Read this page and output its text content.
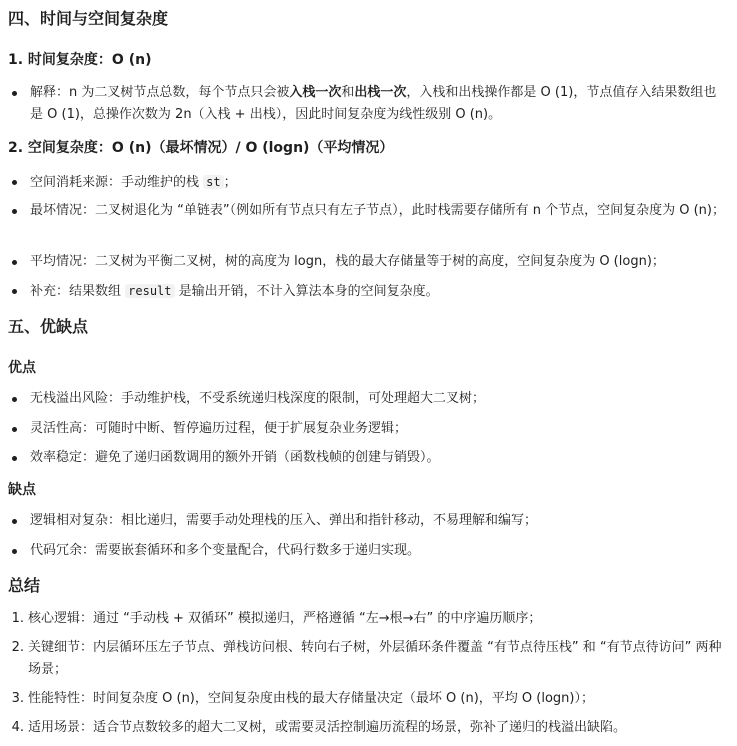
四、时间与空间复杂度
1. 时间复杂度：O (n)
解释：n 为二叉树节点总数，每个节点只会被入栈一次和出栈一次，入栈和出栈操作都是 O (1)，节点值存入结果数组也是 O (1)，总操作次数为 2n（入栈 + 出栈），因此时间复杂度为线性级别 O (n)。
2. 空间复杂度：O (n)（最坏情况）/ O (logn)（平均情况）
空间消耗来源：手动维护的栈 st ；
最坏情况：二叉树退化为 “单链表”（例如所有节点只有左子节点），此时栈需要存储所有 n 个节点，空间复杂度为 O (n)；
平均情况：二叉树为平衡二叉树，树的高度为 logn，栈的最大存储量等于树的高度，空间复杂度为 O (logn)；
补充：结果数组 result 是输出开销，不计入算法本身的空间复杂度。
五、优缺点
优点
无栈溢出风险：手动维护栈，不受系统递归栈深度的限制，可处理超大二叉树；
灵活性高：可随时中断、暂停遍历过程，便于扩展复杂业务逻辑；
效率稳定：避免了递归函数调用的额外开销（函数栈帧的创建与销毁）。
缺点
逻辑相对复杂：相比递归，需要手动处理栈的压入、弹出和指针移动，不易理解和编写；
代码冗余：需要嵌套循环和多个变量配合，代码行数多于递归实现。
总结
1. 核心逻辑：通过 “手动栈 + 双循环” 模拟递归，严格遵循 “左→根→右” 的中序遍历顺序；
2. 关键细节：内层循环压左子节点、弹栈访问根、转向右子树，外层循环条件覆盖 “有节点待压栈” 和 “有节点待访问” 两种场景；
3. 性能特性：时间复杂度 O (n)，空间复杂度由栈的最大存储量决定（最坏 O (n)，平均 O (logn)）；
4. 适用场景：适合节点数较多的超大二叉树，或需要灵活控制遍历流程的场景，弥补了递归的栈溢出缺陷。
